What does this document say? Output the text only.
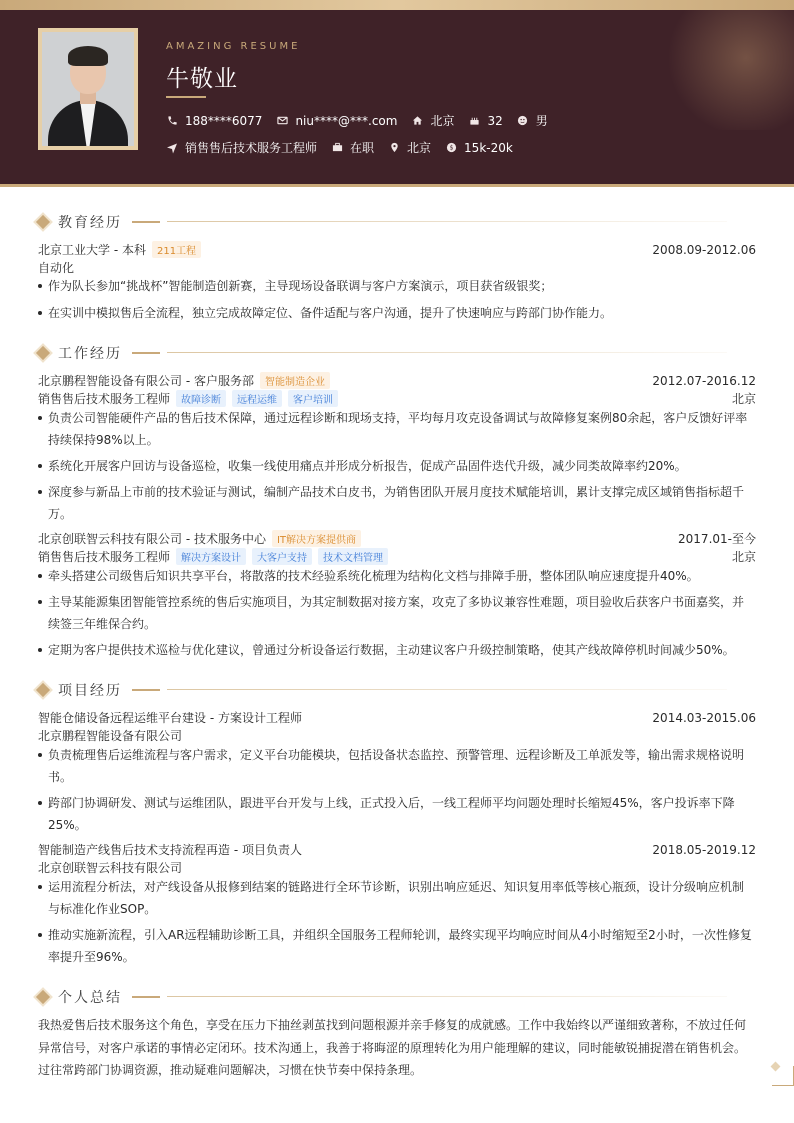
AMAZING RESUME
牛敬业
188****6077	niu****@***.com	北京	32	男
销售售后技术服务工程师	在职	北京 $ 15k-20k
教育经历
北京工业大学 - 本科	211工程	2008.09-2012.06
自动化
作为队长参加“挑战杯”智能制造创新赛，主导现场设备联调与客户方案演示，项目获省级银奖；
在实训中模拟售后全流程，独立完成故障定位、备件适配与客户沟通，提升了快速响应与跨部门协作能力。
工作经历
北京鹏程智能设备有限公司 - 客户服务部	智能制造企业	2012.07-2016.12
销售售后技术服务工程师	故障诊断	远程运维	客户培训	北京
负责公司智能硬件产品的售后技术保障，通过远程诊断和现场支持，平均每月攻克设备调试与故障修复案例80余起，客户反馈好评率持续保持98%以上。
系统化开展客户回访与设备巡检，收集一线使用痛点并形成分析报告，促成产品固件迭代升级，减少同类故障率约20%。
深度参与新品上市前的技术验证与测试，编制产品技术白皮书，为销售团队开展月度技术赋能培训，累计支撑完成区域销售指标超千万。
北京创联智云科技有限公司 - 技术服务中心	IT解决方案提供商	2017.01-至今
销售售后技术服务工程师	解决方案设计	大客户支持	技术文档管理	北京
牵头搭建公司级售后知识共享平台，将散落的技术经验系统化梳理为结构化文档与排障手册，整体团队响应速度提升40%。
主导某能源集团智能管控系统的售后实施项目，为其定制数据对接方案，攻克了多协议兼容性难题，项目验收后获客户书面嘉奖，并续签三年维保合约。
定期为客户提供技术巡检与优化建议，曾通过分析设备运行数据，主动建议客户升级控制策略，使其产线故障停机时间减少50%。
项目经历
智能仓储设备远程运维平台建设 - 方案设计工程师	2014.03-2015.06
北京鹏程智能设备有限公司
负责梳理售后运维流程与客户需求，定义平台功能模块，包括设备状态监控、预警管理、远程诊断及工单派发等，输出需求规格说明书。
跨部门协调研发、测试与运维团队，跟进平台开发与上线，正式投入后，一线工程师平均问题处理时长缩短45%，客户投诉率下降25%。
智能制造产线售后技术支持流程再造 - 项目负责人	2018.05-2019.12
北京创联智云科技有限公司
运用流程分析法，对产线设备从报修到结案的链路进行全环节诊断，识别出响应延迟、知识复用率低等核心瓶颈，设计分级响应机制与标准化作业SOP。
推动实施新流程，引入AR远程辅助诊断工具，并组织全国服务工程师轮训，最终实现平均响应时间从4小时缩短至2小时，一次性修复率提升至96%。
个人总结
我热爱售后技术服务这个角色，享受在压力下抽丝剥茧找到问题根源并亲手修复的成就感。工作中我始终以严谨细致著称，不放过任何异常信号，对客户承诺的事情必定闭环。技术沟通上，我善于将晦涩的原理转化为用户能理解的建议，同时能敏锐捕捉潜在销售机会。过往常跨部门协调资源，推动疑难问题解决，习惯在快节奏中保持条理。
